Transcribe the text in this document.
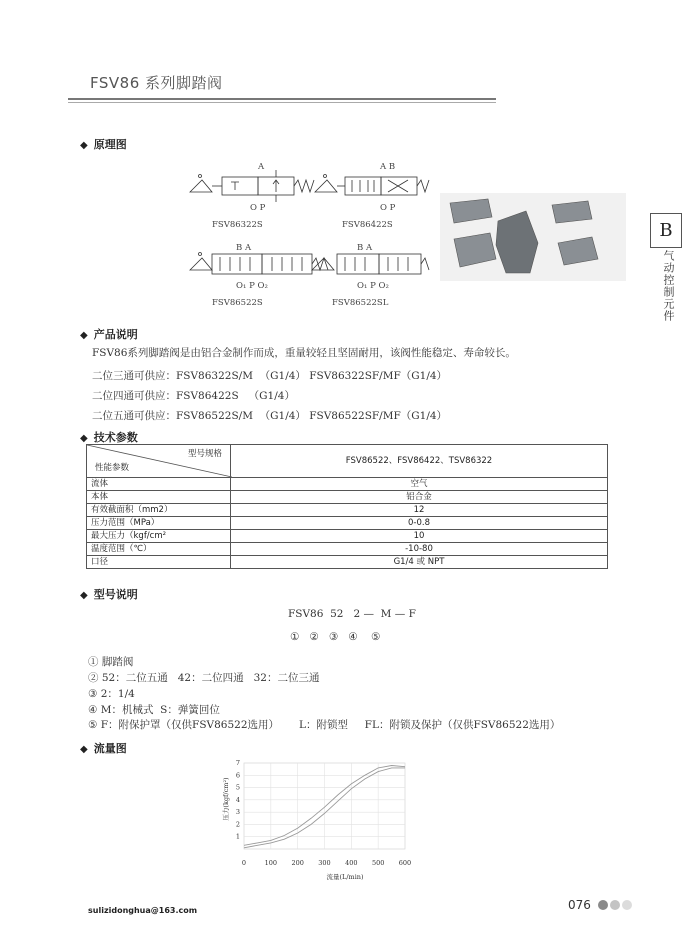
FSV86 系列脚踏阀
B
气动控制元件
◆ 原理图
A
O P
FSV86322S
A B
O P
FSV86422S
B A
O₁ P O₂
FSV86522S
B A
O₁ P O₂
FSV86522SL
◆ 产品说明
FSV86系列脚踏阀是由铝合金制作而成，重量较轻且坚固耐用，该阀性能稳定、寿命较长。
二位三通可供应：FSV86322S/M  （G1/4） FSV86322SF/MF（G1/4）
二位四通可供应：FSV86422S   （G1/4）
二位五通可供应：FSV86522S/M  （G1/4） FSV86522SF/MF（G1/4）
◆ 技术参数
型号规格
性能参数	FSV86522、FSV86422、TSV86322
流体	空气
本体	铝合金
有效截面积（mm2）	12
压力范围（MPa）	0-0.8
最大压力（kgf/cm²	10
温度范围（℃）	-10-80
口径	G1/4 或 NPT
◆ 型号说明
FSV86  52   2 —  M — F
①   ②   ③   ④    ⑤
① 脚踏阀
② 52：二位五通   42：二位四通   32：二位三通
③ 2：1/4
④ M：机械式  S：弹簧回位
⑤ F：附保护罩（仅供FSV86522选用）      L：附锁型     FL：附锁及保护（仅供FSV86522选用）
◆ 流量图
1
2
3
4
5
6
7
0	100 200 300 400 500 600
流量(L/min)
压力(kgf/cm²)
sulizidonghua@163.com	076
